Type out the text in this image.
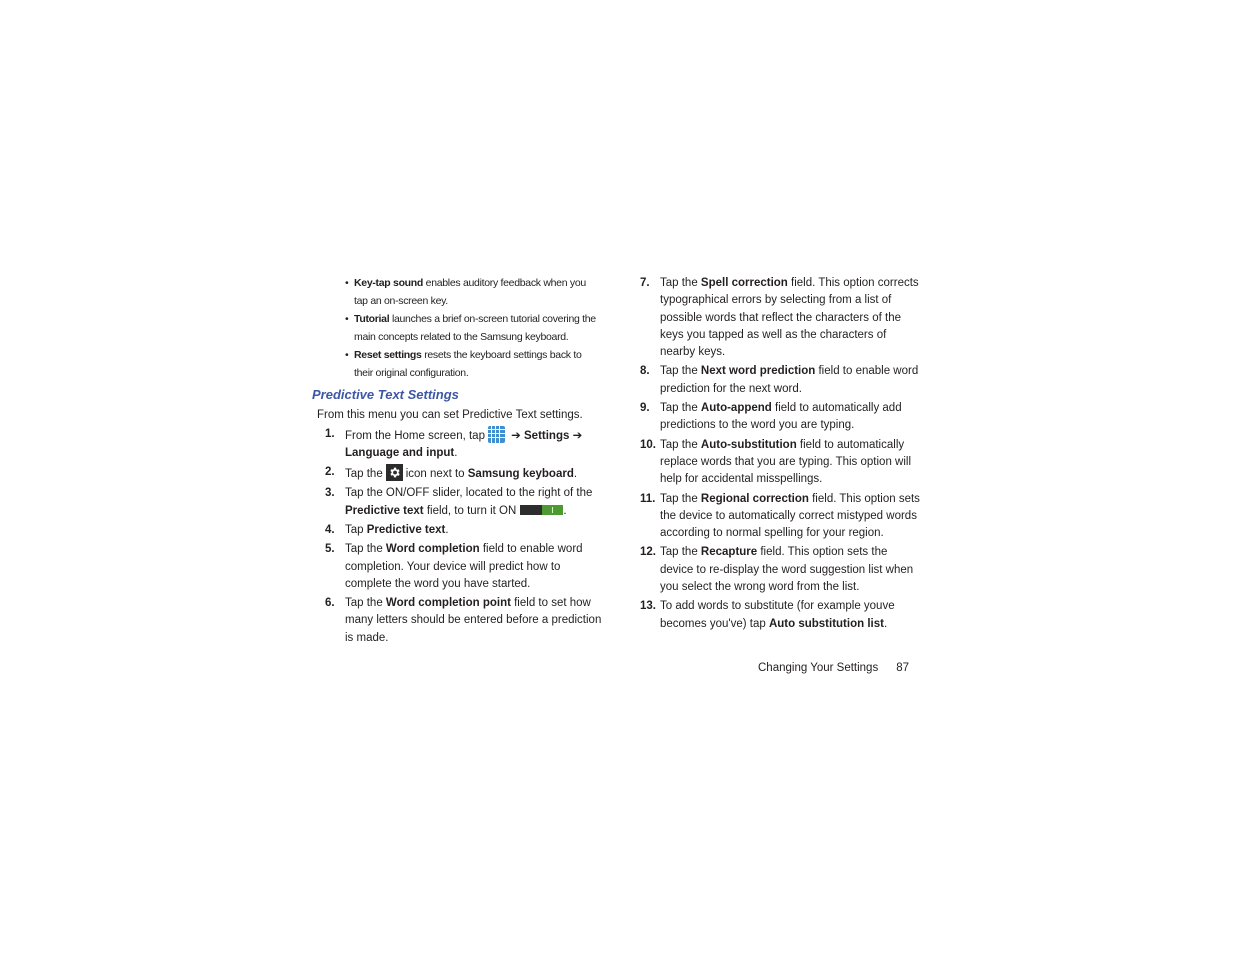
• Key-tap sound enables auditory feedback when you tap an on-screen key.
• Tutorial launches a brief on-screen tutorial covering the main concepts related to the Samsung keyboard.
• Reset settings resets the keyboard settings back to their original configuration.
Predictive Text Settings
From this menu you can set Predictive Text settings.
1. From the Home screen, tap ➔ Settings ➔
Language and input.
2. Tap the icon next to Samsung keyboard.
3. Tap the ON/OFF slider, located to the right of the Predictive text field, to turn it ON	.
4. Tap Predictive text.
5. Tap the Word completion field to enable word completion. Your device will predict how to complete the word you have started.
6. Tap the Word completion point field to set how many letters should be entered before a prediction is made.
7. Tap the Spell correction field. This option corrects typographical errors by selecting from a list of possible words that reflect the characters of the keys you tapped as well as the characters of nearby keys.
8. Tap the Next word prediction field to enable word prediction for the next word.
9. Tap the Auto-append field to automatically add predictions to the word you are typing.
10. Tap the Auto-substitution field to automatically replace words that you are typing. This option will help for accidental misspellings.
11. Tap the Regional correction field. This option sets the device to automatically correct mistyped words according to normal spelling for your region.
12. Tap the Recapture field. This option sets the device to re-display the word suggestion list when you select the wrong word from the list.
13. To add words to substitute (for example youve becomes you've) tap Auto substitution list.
Changing Your Settings 87
